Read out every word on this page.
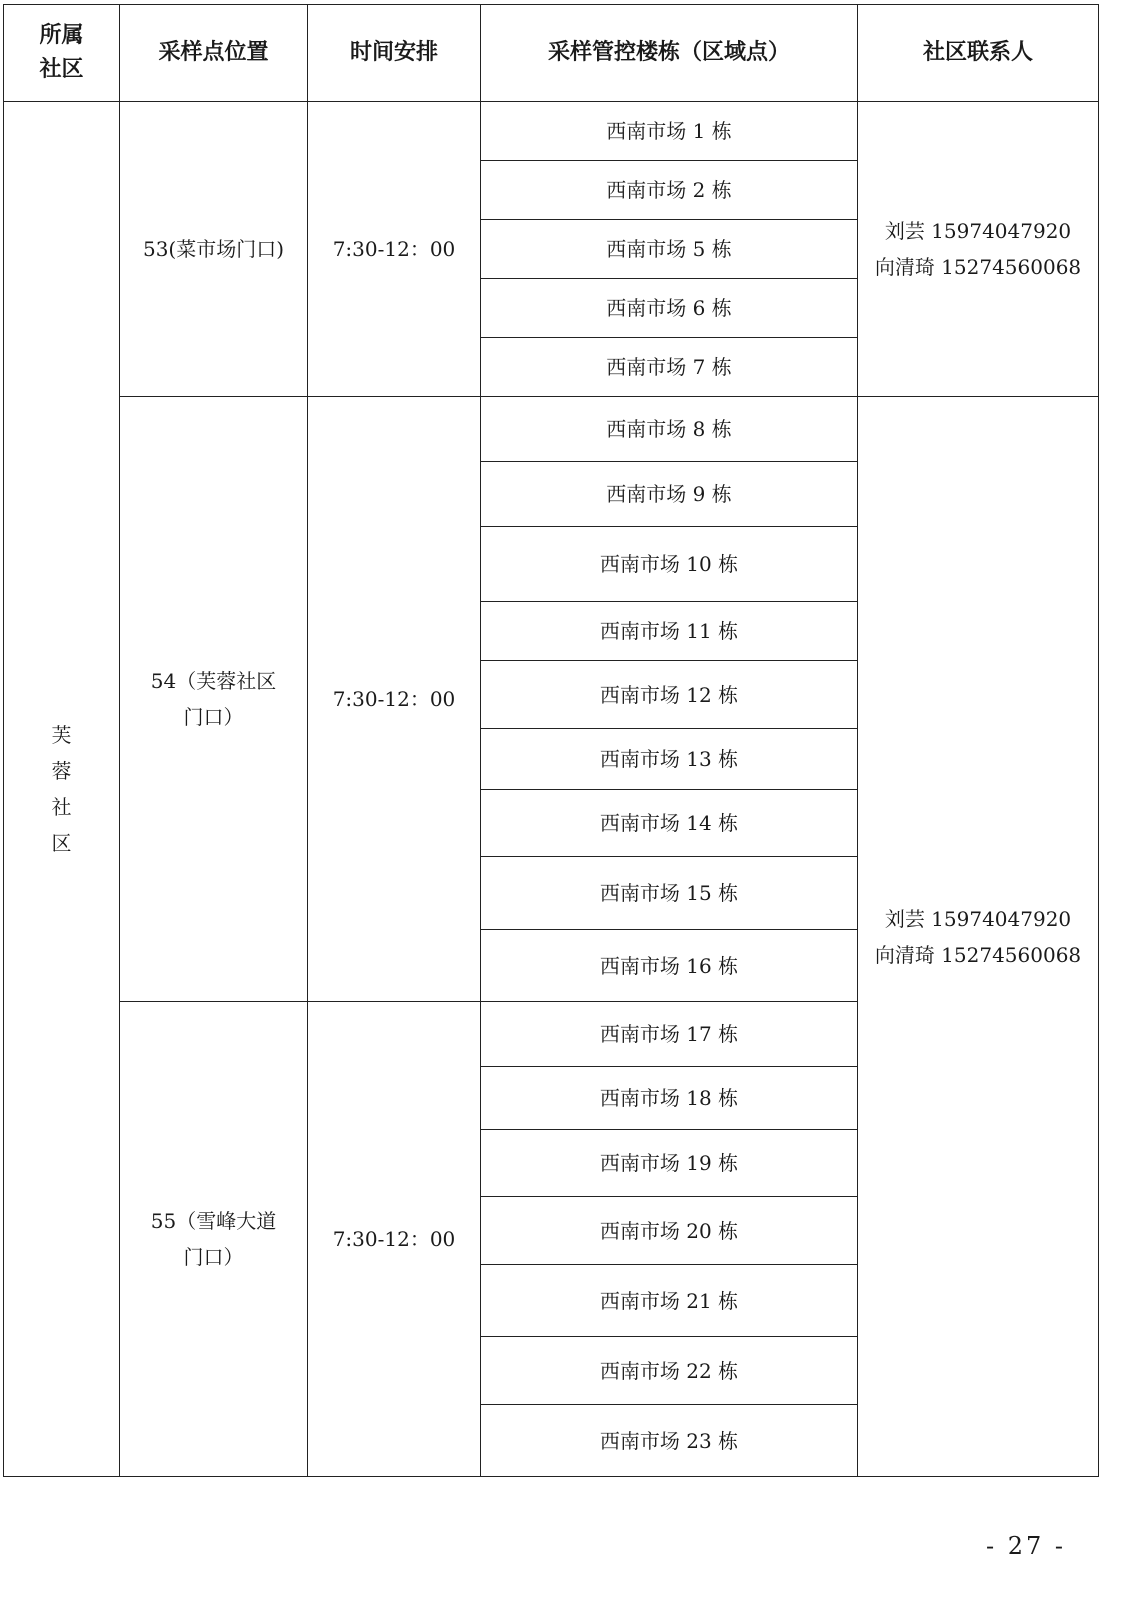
所属
社区	采样点位置	时间安排	采样管控楼栋（区域点）	社区联系人

芙
蓉
社
区	53(菜市场门口)	7:30-12：00	西南市场 1 栋	刘芸 15974047920
向清琦 15274560068

			西南市场 2 栋	
			西南市场 5 栋	
			西南市场 6 栋	
			西南市场 7 栋	

	54（芙蓉社区
门口）	7:30-12：00	西南市场 8 栋	刘芸 15974047920
向清琦 15274560068

			西南市场 9 栋	
			西南市场 10 栋	
			西南市场 11 栋	
			西南市场 12 栋	
			西南市场 13 栋	
			西南市场 14 栋	
			西南市场 15 栋	
			西南市场 16 栋	

	55（雪峰大道
门口）	7:30-12：00	西南市场 17 栋	
			西南市场 18 栋	
			西南市场 19 栋	
			西南市场 20 栋	
			西南市场 21 栋	
			西南市场 22 栋	
			西南市场 23 栋	
- 27 -
